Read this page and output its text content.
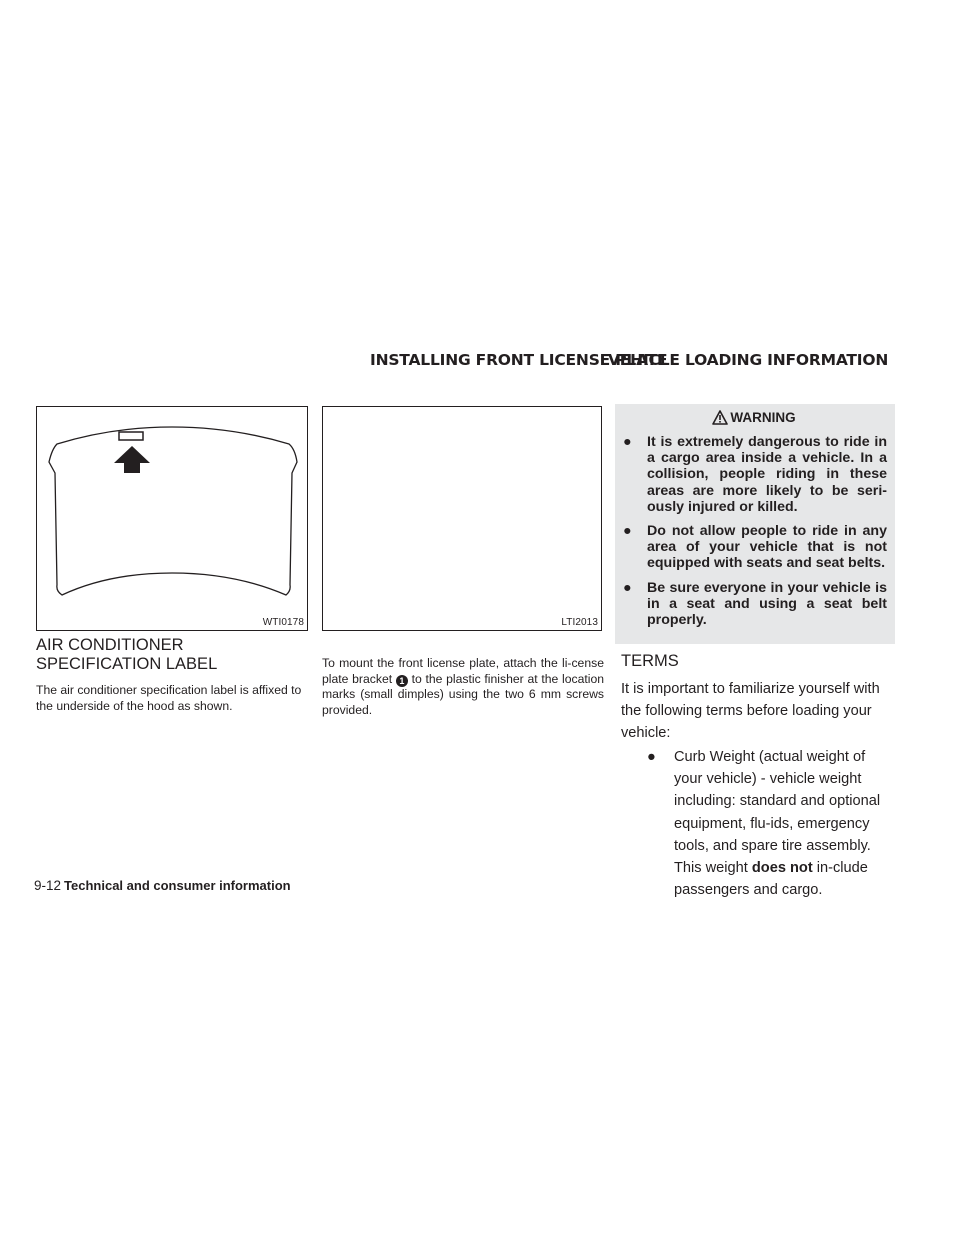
INSTALLING FRONT LICENSE PLATE
VEHICLE LOADING INFORMATION
WTI0178	LTI2013
AIR CONDITIONER SPECIFICATION LABEL
The air conditioner specification label is affixed to the underside of the hood as shown.
To mount the front license plate, attach the li-cense plate bracket 1 to the plastic finisher at the location marks (small dimples) using the two 6 mm screws provided.
WARNING
●	It is extremely dangerous to ride in a cargo area inside a vehicle. In a collision, people riding in these areas are more likely to be seri-ously injured or killed.
●	Do not allow people to ride in any area of your vehicle that is not equipped with seats and seat belts.
●	Be sure everyone in your vehicle is in a seat and using a seat belt properly.
TERMS
It is important to familiarize yourself with the following terms before loading your vehicle:
●	Curb Weight (actual weight of your vehicle) - vehicle weight including: standard and optional equipment, flu-ids, emergency tools, and spare tire assembly. This weight does not in-clude passengers and cargo.
9-12 Technical and consumer information
